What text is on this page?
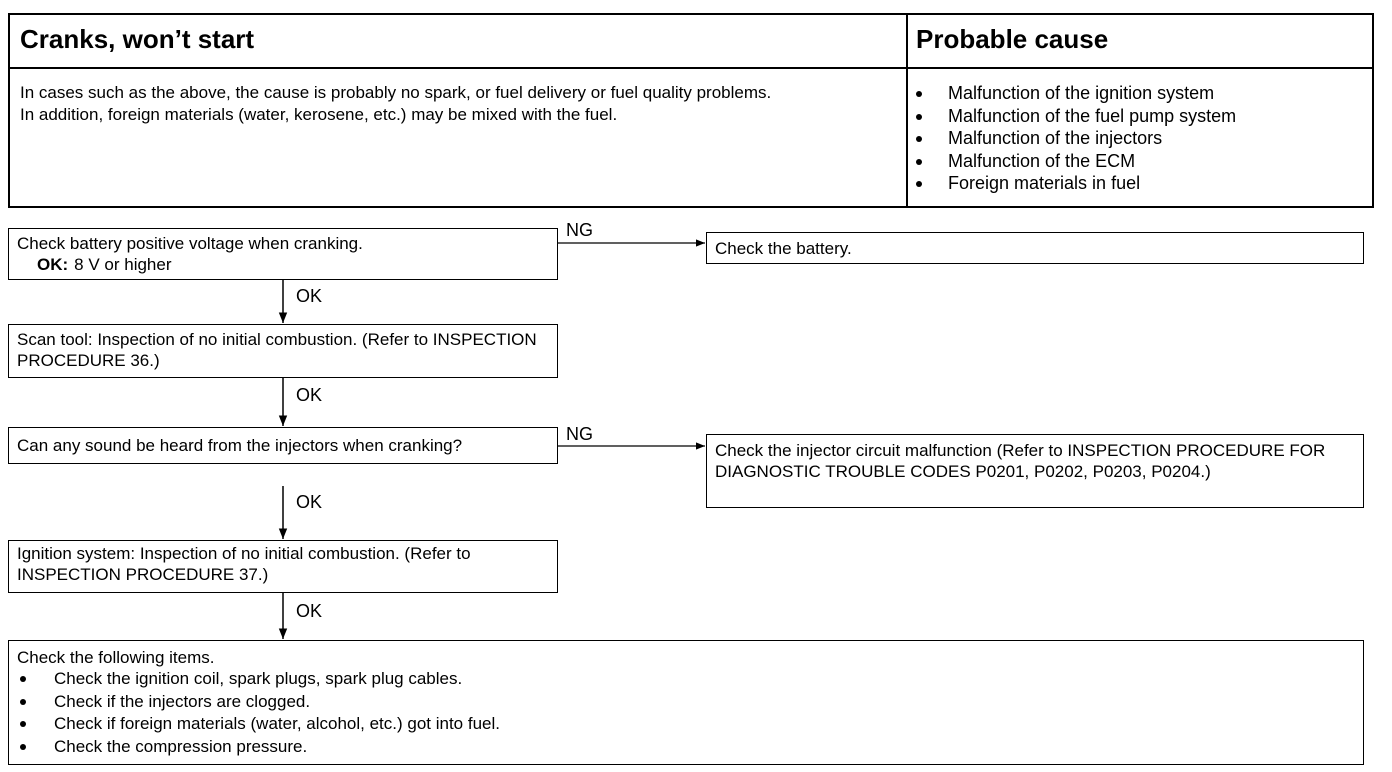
Cranks, won’t start	Probable cause

In cases such as the above, the cause is probably no spark, or fuel delivery or fuel quality problems.

In addition, foreign materials (water, kerosene, etc.) may be mixed with the fuel.

Malfunction of the ignition system
Malfunction of the fuel pump system
Malfunction of the injectors
Malfunction of the ECM
Foreign materials in fuel

Check battery positive voltage when cranking.

OK: 8 V or higher

NG
Check the battery.
OK
Scan tool: Inspection of no initial combustion. (Refer to INSPECTION PROCEDURE 36.)
OK
Can any sound be heard from the injectors when cranking?
NG
Check the injector circuit malfunction (Refer to INSPECTION PROCEDURE FOR DIAGNOSTIC TROUBLE CODES P0201, P0202, P0203, P0204.)
OK
Ignition system: Inspection of no initial combustion. (Refer to INSPECTION PROCEDURE 37.)
OK

Check the following items.

Check the ignition coil, spark plugs, spark plug cables.
Check if the injectors are clogged.
Check if foreign materials (water, alcohol, etc.) got into fuel.
Check the compression pressure.
